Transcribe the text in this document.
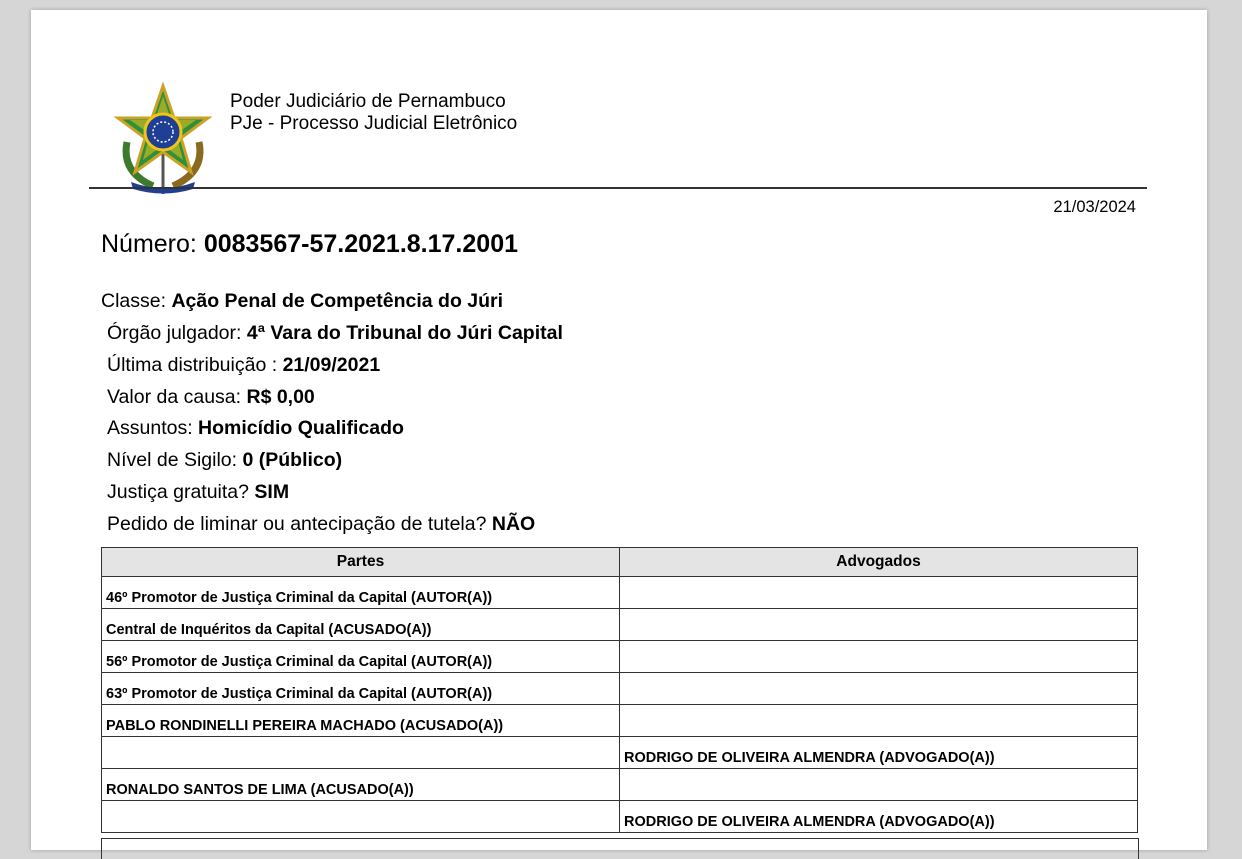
Poder Judiciário de Pernambuco
PJe - Processo Judicial Eletrônico
21/03/2024
Número: 0083567-57.2021.8.17.2001
Classe: Ação Penal de Competência do Júri
Órgão julgador: 4ª Vara do Tribunal do Júri Capital
Última distribuição : 21/09/2021
Valor da causa: R$ 0,00
Assuntos: Homicídio Qualificado
Nível de Sigilo: 0 (Público)
Justiça gratuita? SIM
Pedido de liminar ou antecipação de tutela? NÃO
Partes	Advogados
46º Promotor de Justiça Criminal da Capital (AUTOR(A))	
Central de Inquéritos da Capital (ACUSADO(A))	
56º Promotor de Justiça Criminal da Capital (AUTOR(A))	
63º Promotor de Justiça Criminal da Capital (AUTOR(A))	
PABLO RONDINELLI PEREIRA MACHADO (ACUSADO(A))	
	RODRIGO DE OLIVEIRA ALMENDRA (ADVOGADO(A))
RONALDO SANTOS DE LIMA (ACUSADO(A))	
	RODRIGO DE OLIVEIRA ALMENDRA (ADVOGADO(A))
